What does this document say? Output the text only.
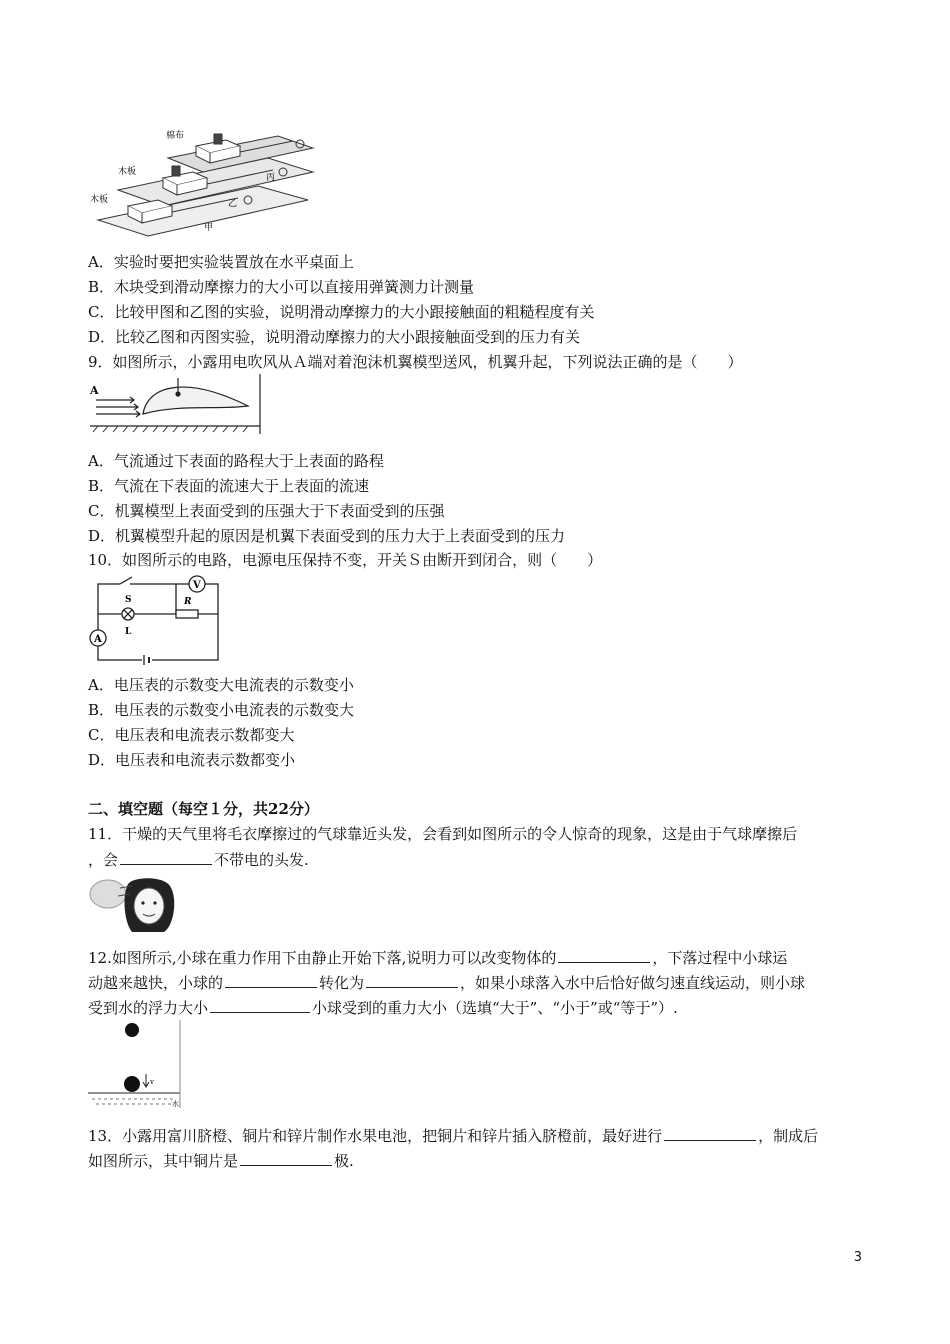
棉布
木板
木板
丙
乙
甲
A．实验时要把实验装置放在水平桌面上
B．木块受到滑动摩擦力的大小可以直接用弹簧测力计测量
C．比较甲图和乙图的实验，说明滑动摩擦力的大小跟接触面的粗糙程度有关
D．比较乙图和丙图实验，说明滑动摩擦力的大小跟接触面受到的压力有关
9．如图所示，小露用电吹风从Ａ端对着泡沫机翼模型送风，机翼升起，下列说法正确的是（　　）
A
A．气流通过下表面的路程大于上表面的路程
B．气流在下表面的流速大于上表面的流速
C．机翼模型上表面受到的压强大于下表面受到的压强
D．机翼模型升起的原因是机翼下表面受到的压力大于上表面受到的压力
10．如图所示的电路，电源电压保持不变，开关Ｓ由断开到闭合，则（　　）
V
A
S
L
R
A．电压表的示数变大电流表的示数变小
B．电压表的示数变小电流表的示数变大
C．电压表和电流表示数都变大
D．电压表和电流表示数都变小
二、填空题（每空１分，共22分）
11．干燥的天气里将毛衣摩擦过的气球靠近头发，会看到如图所示的令人惊奇的现象，这是由于气球摩擦后
，会	不带电的头发.
12.如图所示,小球在重力作用下由静止开始下落,说明力可以改变物体的	，下落过程中小球运
动越来越快，小球的	转化为	，如果小球落入水中后恰好做匀速直线运动，则小球
受到水的浮力大小	小球受到的重力大小（选填“大于”、“小于”或“等于”）.
v
水
13．小露用富川脐橙、铜片和锌片制作水果电池，把铜片和锌片插入脐橙前，最好进行	，制成后
如图所示，其中铜片是	极.
3
